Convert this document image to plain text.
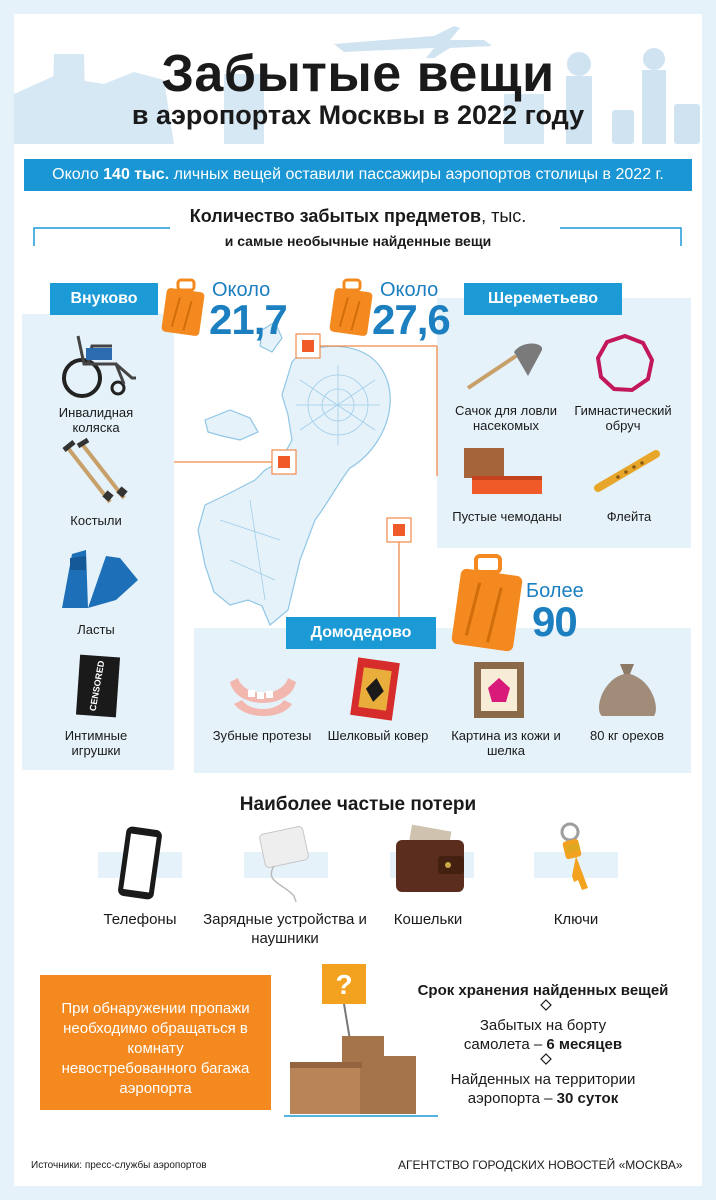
Забытые вещи
в аэропортах Москвы в 2022 году
Около 140 тыс. личных вещей оставили пассажиры аэропортов столицы в 2022 г.
Количество забытых предметов, тыс.
и самые необычные найденные вещи
Внуково	Шереметьево
Домодедово
Около
21,7
Около
27,6
Более
90
Инвалидная коляска
Костыли
Ласты
CENSORED
Интимные игрушки
Сачок для ловли насекомых
Гимнастический обруч
Пустые чемоданы	Флейта
Зубные протезы	Шелковый ковер	Картина из кожи и шелка
80 кг орехов
Наиболее частые потери
Телефоны	Зарядные устройства и наушники
Кошельки	Ключи
При обнаружении пропажи необходимо обращаться в комнату невостребованного багажа аэропорта
?	Срок хранения найденных вещей
Забытых на борту
самолета – 6 месяцев
Найденных на территории
аэропорта – 30 суток
Источники: пресс-службы аэропортов	АГЕНТСТВО ГОРОДСКИХ НОВОСТЕЙ «МОСКВА»
